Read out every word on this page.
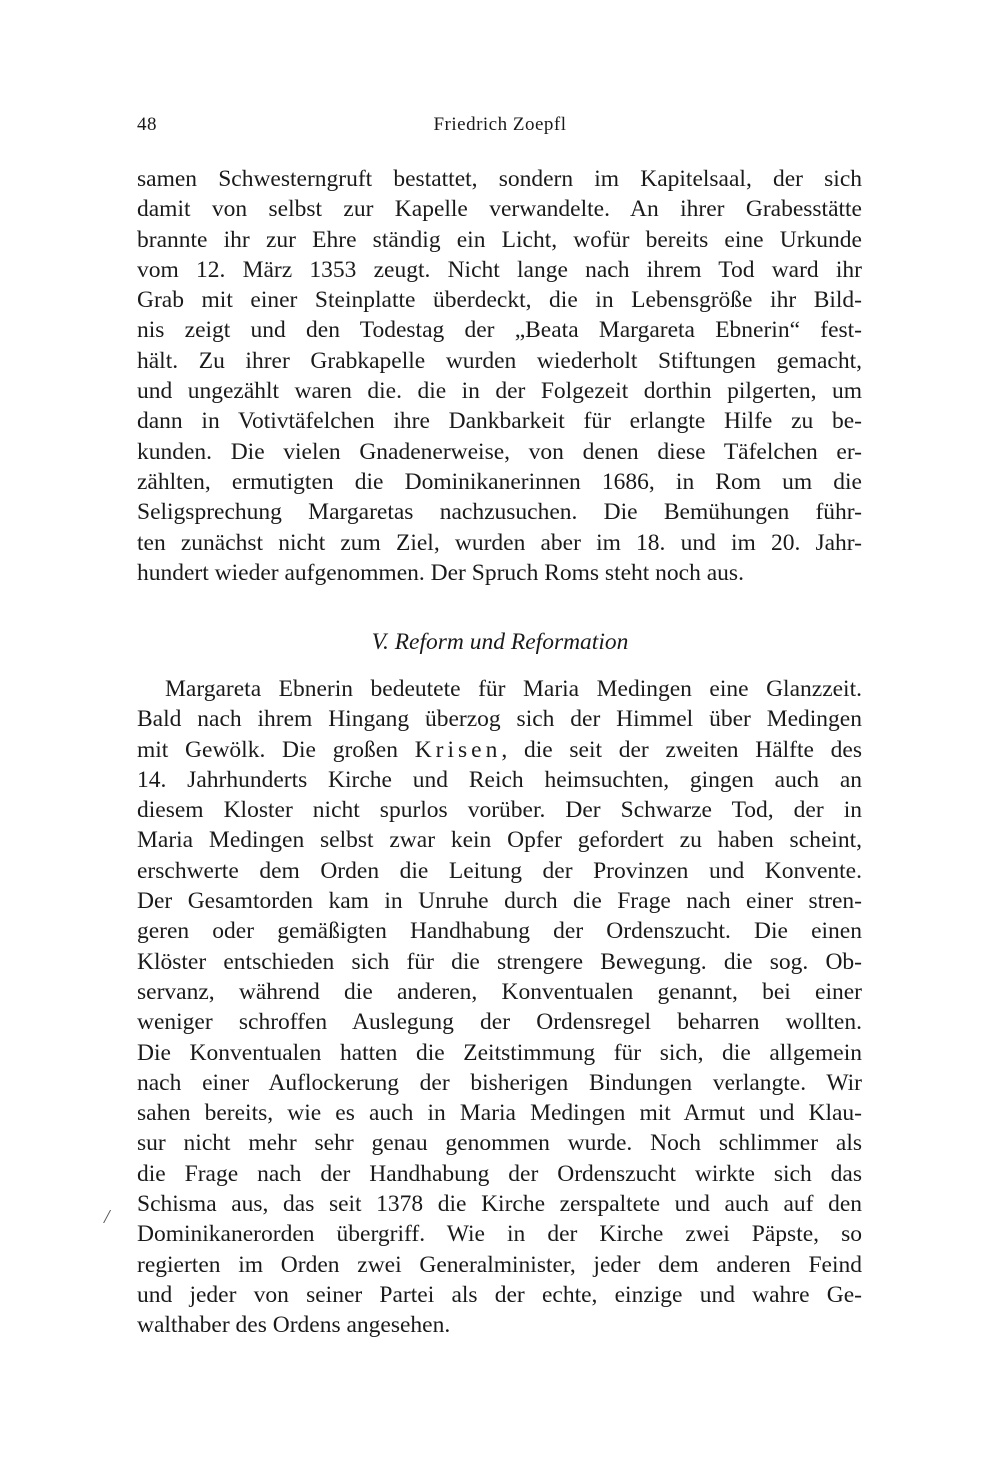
48	Friedrich Zoepfl
samen Schwesterngruft bestattet, sondern im Kapitelsaal, der sich
damit von selbst zur Kapelle verwandelte. An ihrer Grabesstätte
brannte ihr zur Ehre ständig ein Licht, wofür bereits eine Urkunde
vom 12. März 1353 zeugt. Nicht lange nach ihrem Tod ward ihr
Grab mit einer Steinplatte überdeckt, die in Lebensgröße ihr Bild-
nis zeigt und den Todestag der „Beata Margareta Ebnerin“ fest-
hält. Zu ihrer Grabkapelle wurden wiederholt Stiftungen gemacht,
und ungezählt waren die. die in der Folgezeit dorthin pilgerten, um
dann in Votivtäfelchen ihre Dankbarkeit für erlangte Hilfe zu be-
kunden. Die vielen Gnadenerweise, von denen diese Täfelchen er-
zählten, ermutigten die Dominikanerinnen 1686, in Rom um die
Seligsprechung Margaretas nachzusuchen. Die Bemühungen führ-
ten zunächst nicht zum Ziel, wurden aber im 18. und im 20. Jahr-
hundert wieder aufgenommen. Der Spruch Roms steht noch aus.
V. Reform und Reformation
Margareta Ebnerin bedeutete für Maria Medingen eine Glanzzeit.
Bald nach ihrem Hingang überzog sich der Himmel über Medingen
mit Gewölk. Die großen Krisen, die seit der zweiten Hälfte des
14. Jahrhunderts Kirche und Reich heimsuchten, gingen auch an
diesem Kloster nicht spurlos vorüber. Der Schwarze Tod, der in
Maria Medingen selbst zwar kein Opfer gefordert zu haben scheint,
erschwerte dem Orden die Leitung der Provinzen und Konvente.
Der Gesamtorden kam in Unruhe durch die Frage nach einer stren-
geren oder gemäßigten Handhabung der Ordenszucht. Die einen
Klöster entschieden sich für die strengere Bewegung. die sog. Ob-
servanz, während die anderen, Konventualen genannt, bei einer
weniger schroffen Auslegung der Ordensregel beharren wollten.
Die Konventualen hatten die Zeitstimmung für sich, die allgemein
nach einer Auflockerung der bisherigen Bindungen verlangte. Wir
sahen bereits, wie es auch in Maria Medingen mit Armut und Klau-
sur nicht mehr sehr genau genommen wurde. Noch schlimmer als
die Frage nach der Handhabung der Ordenszucht wirkte sich das
Schisma aus, das seit 1378 die Kirche zerspaltete und auch auf den
Dominikanerorden übergriff. Wie in der Kirche zwei Päpste, so
regierten im Orden zwei Generalminister, jeder dem anderen Feind
und jeder von seiner Partei als der echte, einzige und wahre Ge-
walthaber des Ordens angesehen.
/
